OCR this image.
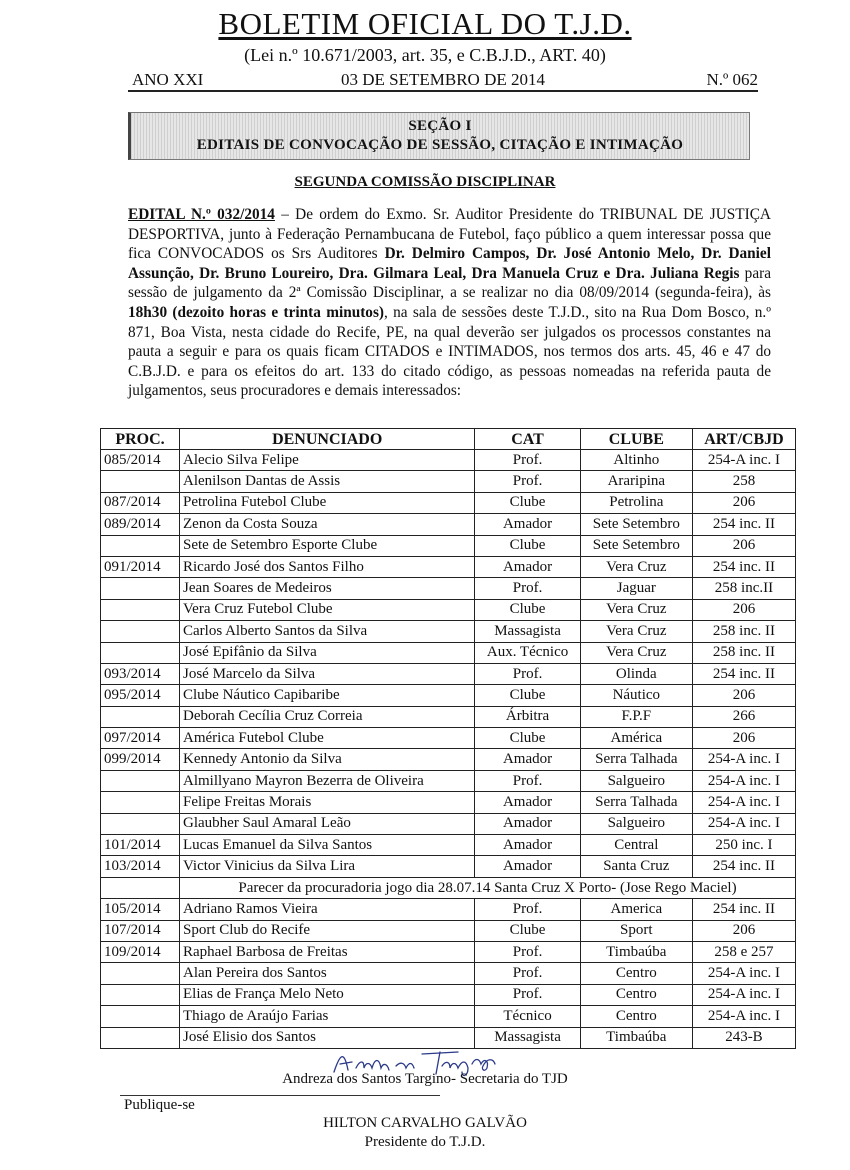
BOLETIM OFICIAL DO T.J.D.
(Lei n.º 10.671/2003, art. 35, e C.B.J.D., ART. 40)
ANO XXI	03 DE SETEMBRO DE 2014	N.º 062
SEÇÃO I
EDITAIS DE CONVOCAÇÃO DE SESSÃO, CITAÇÃO E INTIMAÇÃO
SEGUNDA COMISSÃO DISCIPLINAR
EDITAL N.º 032/2014 – De ordem do Exmo. Sr. Auditor Presidente do TRIBUNAL DE JUSTIÇA DESPORTIVA, junto à Federação Pernambucana de Futebol, faço público a quem interessar possa que fica CONVOCADOS os Srs Auditores Dr. Delmiro Campos, Dr. José Antonio Melo, Dr. Daniel Assunção, Dr. Bruno Loureiro, Dra. Gilmara Leal, Dra Manuela Cruz e Dra. Juliana Regis para sessão de julgamento da 2ª Comissão Disciplinar, a se realizar no dia 08/09/2014 (segunda-feira), às 18h30 (dezoito horas e trinta minutos), na sala de sessões deste T.J.D., sito na Rua Dom Bosco, n.º 871, Boa Vista, nesta cidade do Recife, PE, na qual deverão ser julgados os processos constantes na pauta a seguir e para os quais ficam CITADOS e INTIMADOS, nos termos dos arts. 45, 46 e 47 do C.B.J.D. e para os efeitos do art. 133 do citado código, as pessoas nomeadas na referida pauta de julgamentos, seus procuradores e demais interessados:
PROC.	DENUNCIADO	CAT	CLUBE	ART/CBJD
085/2014	Alecio Silva Felipe	Prof.	Altinho	254-A inc. I
	Alenilson Dantas de Assis	Prof.	Araripina	258
087/2014	Petrolina Futebol Clube	Clube	Petrolina	206
089/2014	Zenon da Costa Souza	Amador	Sete Setembro	254 inc. II
	Sete de Setembro Esporte Clube	Clube	Sete Setembro	206
091/2014	Ricardo José dos Santos Filho	Amador	Vera Cruz	254 inc. II
	Jean Soares de Medeiros	Prof.	Jaguar	258 inc.II
	Vera Cruz Futebol Clube	Clube	Vera Cruz	206
	Carlos Alberto Santos da Silva	Massagista	Vera Cruz	258 inc. II
	José Epifânio da Silva	Aux. Técnico	Vera Cruz	258 inc. II
093/2014	José Marcelo da Silva	Prof.	Olinda	254 inc. II
095/2014	Clube Náutico Capibaribe	Clube	Náutico	206
	Deborah Cecília Cruz Correia	Árbitra	F.P.F	266
097/2014	América Futebol Clube	Clube	América	206
099/2014	Kennedy Antonio da Silva	Amador	Serra Talhada	254-A inc. I
	Almillyano Mayron Bezerra de Oliveira	Prof.	Salgueiro	254-A inc. I
	Felipe Freitas Morais	Amador	Serra Talhada	254-A inc. I
	Glaubher Saul Amaral Leão	Amador	Salgueiro	254-A inc. I
101/2014	Lucas Emanuel da Silva Santos	Amador	Central	250 inc. I
103/2014	Victor Vinicius da Silva Lira	Amador	Santa Cruz	254 inc. II
	Parecer da procuradoria jogo dia 28.07.14 Santa Cruz X Porto- (Jose Rego Maciel)			
105/2014	Adriano Ramos Vieira	Prof.	America	254 inc. II
107/2014	Sport Club do Recife	Clube	Sport	206
109/2014	Raphael Barbosa de Freitas	Prof.	Timbaúba	258 e 257
	Alan Pereira dos Santos	Prof.	Centro	254-A inc. I
	Elias de França Melo Neto	Prof.	Centro	254-A inc. I
	Thiago de Araújo Farias	Técnico	Centro	254-A inc. I
	José Elisio dos Santos	Massagista	Timbaúba	243-B
Andreza dos Santos Targino- Secretaria do TJD
Publique-se
HILTON CARVALHO GALVÃO
Presidente do T.J.D.
